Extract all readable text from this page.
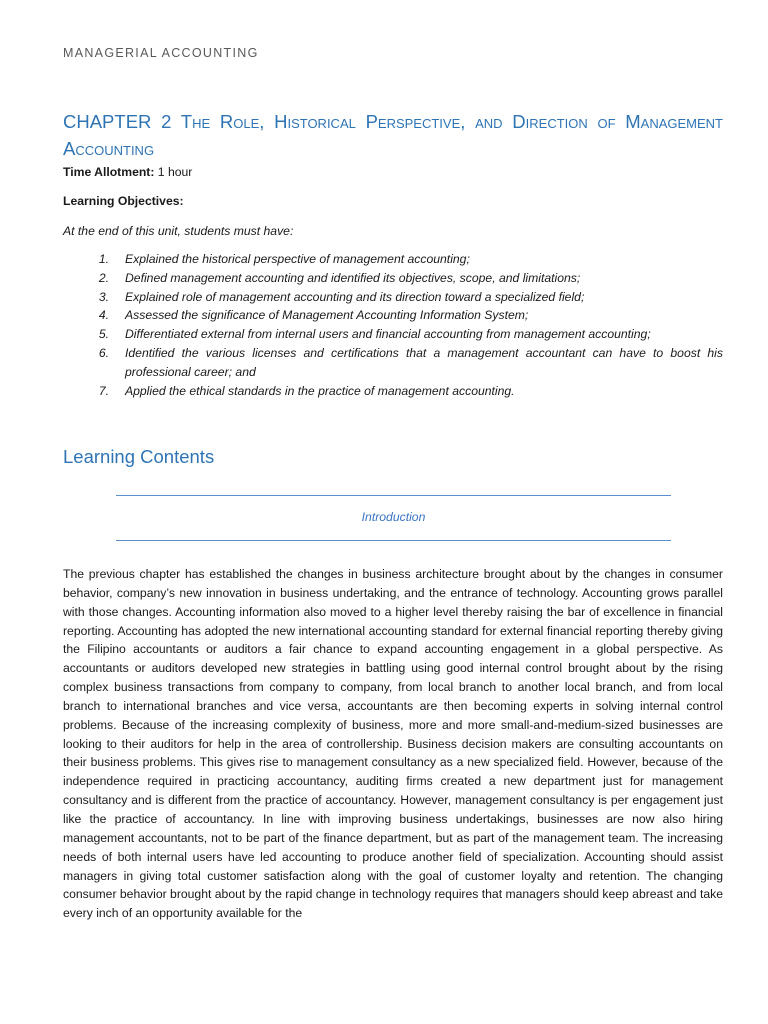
MANAGERIAL ACCOUNTING
CHAPTER 2 The Role, Historical Perspective, and Direction of Management Accounting
Time Allotment: 1 hour
Learning Objectives:
At the end of this unit, students must have:
1.	Explained the historical perspective of management accounting;
2.	Defined management accounting and identified its objectives, scope, and limitations;
3.	Explained role of management accounting and its direction toward a specialized field;
4.	Assessed the significance of Management Accounting Information System;
5.	Differentiated external from internal users and financial accounting from management accounting;
6.	Identified the various licenses and certifications that a management accountant can have to boost his professional career; and
7.	Applied the ethical standards in the practice of management accounting.
Learning Contents
Introduction

The previous chapter has established the changes in business architecture brought about by the changes in consumer behavior, company’s new innovation in business undertaking, and the entrance of technology. Accounting grows parallel with those changes. Accounting information also moved to a higher level thereby raising the bar of excellence in financial reporting. Accounting has adopted the new international accounting standard for external financial reporting thereby giving the Filipino accountants or auditors a fair chance to expand accounting engagement in a global perspective. As accountants or auditors developed new strategies in battling using good internal control brought about by the rising complex business transactions from company to company, from local branch to another local branch, and from local branch to international branches and vice versa, accountants are then becoming experts in solving internal control problems. Because of the increasing complexity of business, more and more small-and-medium-sized businesses are looking to their auditors for help in the area of controllership. Business decision makers are consulting accountants on their business problems. This gives rise to management consultancy as a new specialized field. However, because of the independence required in practicing accountancy, auditing firms created a new department just for management consultancy and is different from the practice of accountancy. However, management consultancy is per engagement just like the practice of accountancy. In line with improving business undertakings, businesses are now also hiring management accountants, not to be part of the finance department, but as part of the management team. The increasing needs of both internal users have led accounting to produce another field of specialization. Accounting should assist managers in giving total customer satisfaction along with the goal of customer loyalty and retention. The changing consumer behavior brought about by the rapid change in technology requires that managers should keep abreast and take every inch of an opportunity available for the
